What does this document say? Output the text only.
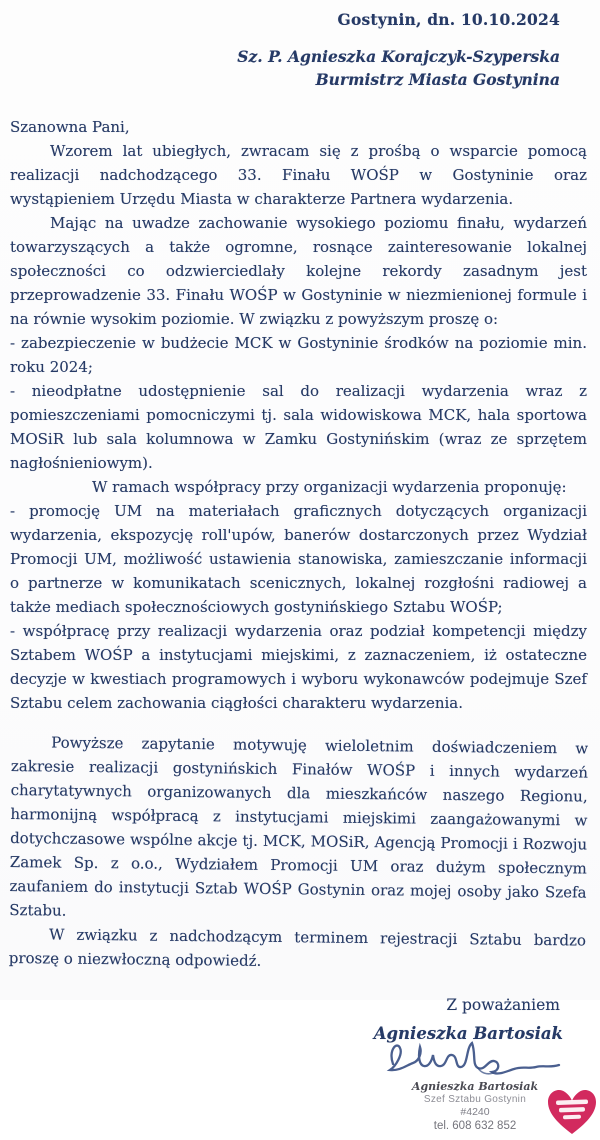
Gostynin, dn. 10.10.2024
Sz. P. Agnieszka Korajczyk-Szyperska
Burmistrz Miasta Gostynina

Szanowna Pani,

Wzorem lat ubiegłych, zwracam się z prośbą o wsparcie pomocą realizacji nadchodzącego 33. Finału WOŚP w Gostyninie oraz wystąpieniem Urzędu Miasta w charakterze Partnera wydarzenia.

Mając na uwadze zachowanie wysokiego poziomu finału, wydarzeń towarzyszących a także ogromne, rosnące zainteresowanie lokalnej społeczności co odzwierciedlały kolejne rekordy zasadnym jest przeprowadzenie 33. Finału WOŚP w Gostyninie w niezmienionej formule i na równie wysokim poziomie. W związku z powyższym proszę o:

- zabezpieczenie w budżecie MCK w Gostyninie środków na poziomie min. roku 2024;

- nieodpłatne udostępnienie sal do realizacji wydarzenia wraz z pomieszczeniami pomocniczymi tj. sala widowiskowa MCK, hala sportowa MOSiR lub sala kolumnowa w Zamku Gostynińskim (wraz ze sprzętem nagłośnieniowym).

W ramach współpracy przy organizacji wydarzenia proponuję:

- promocję UM na materiałach graficznych dotyczących organizacji wydarzenia, ekspozycję roll'upów, banerów dostarczonych przez Wydział Promocji UM, możliwość ustawienia stanowiska, zamieszczanie informacji o partnerze w komunikatach scenicznych, lokalnej rozgłośni radiowej a także mediach społecznościowych gostynińskiego Sztabu WOŚP;

- współpracę przy realizacji wydarzenia oraz podział kompetencji między Sztabem WOŚP a instytucjami miejskimi, z zaznaczeniem, iż ostateczne decyzje w kwestiach programowych i wyboru wykonawców podejmuje Szef Sztabu celem zachowania ciągłości charakteru wydarzenia.

Powyższe zapytanie motywuję wieloletnim doświadczeniem w zakresie realizacji gostynińskich Finałów WOŚP i innych wydarzeń charytatywnych organizowanych dla mieszkańców naszego Regionu, harmonijną współpracą z instytucjami miejskimi zaangażowanymi w dotychczasowe wspólne akcje tj. MCK, MOSiR, Agencją Promocji i Rozwoju Zamek Sp. z o.o., Wydziałem Promocji UM oraz dużym społecznym zaufaniem do instytucji Sztab WOŚP Gostynin oraz mojej osoby jako Szefa Sztabu.

W związku z nadchodzącym terminem rejestracji Sztabu bardzo proszę o niezwłoczną odpowiedź.

Z poważaniem
Agnieszka Bartosiak
Agnieszka Bartosiak
Szef Sztabu Gostynin
#4240
tel. 608 632 852
